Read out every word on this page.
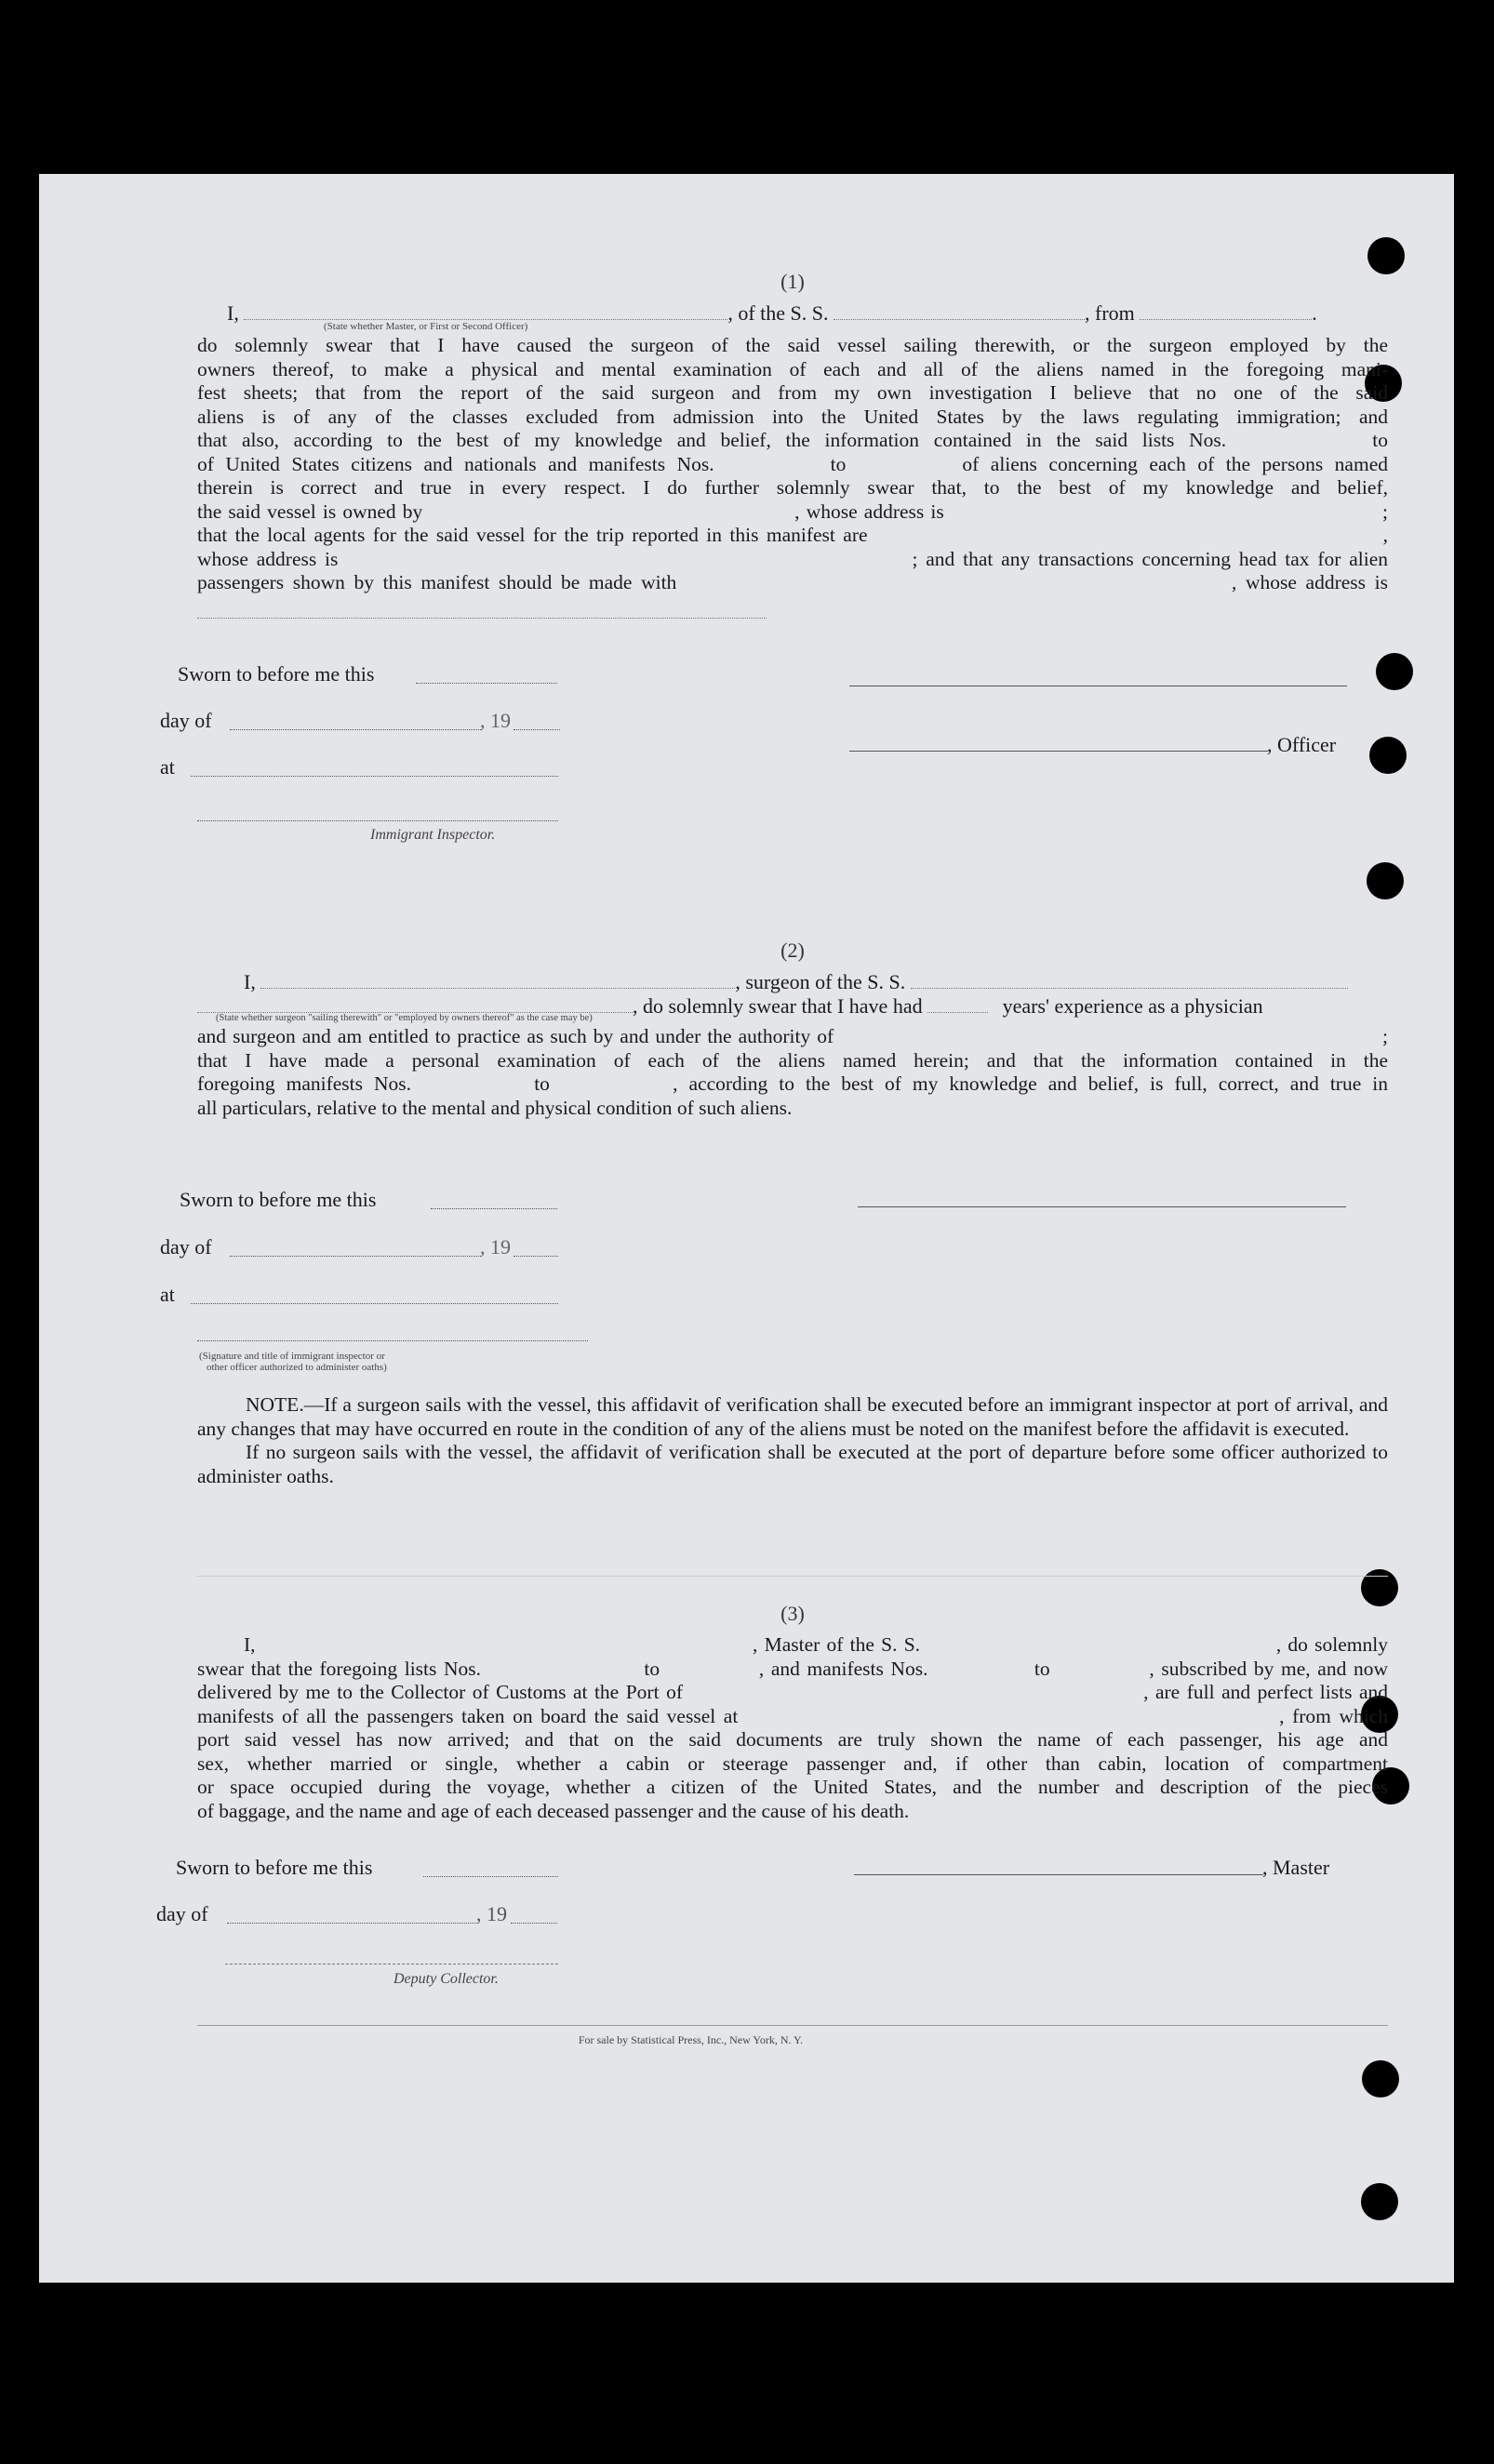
(1)
I,	, of the S. S.	, from	.
(State whether Master, or First or Second Officer)
do solemnly swear that I have caused the surgeon of the said vessel sailing therewith, or the surgeon employed by the
owners thereof, to make a physical and mental examination of each and all of the aliens named in the foregoing mani-
fest sheets; that from the report of the said surgeon and from my own investigation I believe that no one of the said
aliens is of any of the classes excluded from admission into the United States by the laws regulating immigration; and
that also, according to the best of my knowledge and belief, the information contained in the said lists Nos.          to
of United States citizens and nationals and manifests Nos.          to          of aliens concerning each of the persons named
therein is correct and true in every respect. I do further solemnly swear that, to the best of my knowledge and belief,
the said vessel is owned by                                                        , whose address is                                                                  ;
that the local agents for the said vessel for the trip reported in this manifest are                                                                  ,
whose address is                                                                      ; and that any transactions concerning head tax for alien
passengers shown by this manifest should be made with                                                              , whose address is
Sworn to before me this
day of	, 19
, Officer
at
Immigrant Inspector.
(2)
I,	, surgeon of the S. S.
, do solemnly swear that I have had	years' experience as a physician
(State whether surgeon "sailing therewith" or "employed by owners thereof" as the case may be)
and surgeon and am entitled to practice as such by and under the authority of                                                                                    ;
that I have made a personal examination of each of the aliens named herein; and that the information contained in the
foregoing manifests Nos.           to           , according to the best of my knowledge and belief, is full, correct, and true in
all particulars, relative to the mental and physical condition of such aliens.
Sworn to before me this
day of	, 19
at
(Signature and title of immigrant inspector or
other officer authorized to administer oaths)
NOTE.—If a surgeon sails with the vessel, this affidavit of verification shall be executed before an immigrant inspector at port of arrival, and any changes that may have occurred en route in the condition of any of the aliens must be noted on the manifest before the affidavit is executed.
If no surgeon sails with the vessel, the affidavit of verification shall be executed at the port of departure before some officer authorized to administer oaths.
(3)
I,                                                                          , Master of the S. S.                                                     , do solemnly
swear that the foregoing lists Nos.                       to              , and manifests Nos.               to              , subscribed by me, and now
delivered by me to the Collector of Customs at the Port of                                                                  , are full and perfect lists and
manifests of all the passengers taken on board the said vessel at                                                                    , from which
port said vessel has now arrived; and that on the said documents are truly shown the name of each passenger, his age and
sex, whether married or single, whether a cabin or steerage passenger and, if other than cabin, location of compartment
or space occupied during the voyage, whether a citizen of the United States, and the number and description of the pieces
of baggage, and the name and age of each deceased passenger and the cause of his death.
Sworn to before me this	, Master
day of	, 19
Deputy Collector.
For sale by Statistical Press, Inc., New York, N. Y.
